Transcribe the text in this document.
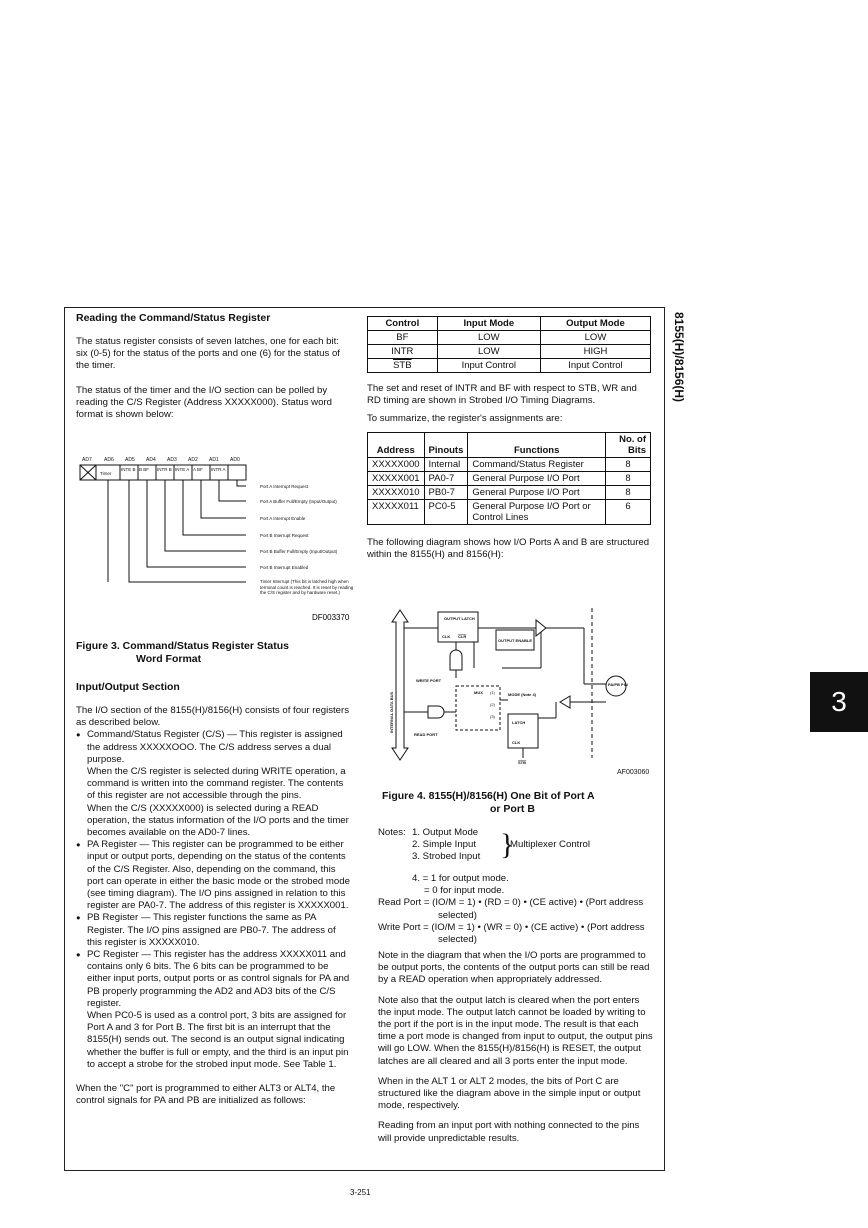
8155(H)/8156(H)
3
Reading the Command/Status Register

The status register consists of seven latches, one for each bit: six (0-5) for the status of the ports and one (6) for the status of the timer.

The status of the timer and the I/O section can be polled by reading the C/S Register (Address XXXXX000). Status word format is shown below:

AD7 AD6 AD5 AD4 AD3 AD2 AD1 AD0
Timer
INTE B B BF INTR B INTE A A BF INTR A
Port A Interrupt Request
Port A Buffer Full/Empty (Input/Output)
Port A Interrupt Enable
Port B Interrupt Request
Port B Buffer Full/Empty (Input/Output)
Port B Interrupt Enabled
Timer Interrupt (This bit is latched high when terminal count is reached. It is reset by reading the C/S register and by hardware reset.)
DF003370
Figure 3. Command/Status Register Status
Word Format
Input/Output Section

The I/O section of the 8155(H)/8156(H) consists of four registers as described below.

● Command/Status Register (C/S) — This register is assigned the address XXXXXOOO. The C/S address serves a dual purpose.
When the C/S register is selected during WRITE operation, a command is written into the command register. The contents of this register are not accessible through the pins.
When the C/S (XXXXX000) is selected during a READ operation, the status information of the I/O ports and the timer becomes available on the AD0-7 lines.
● PA Register — This register can be programmed to be either input or output ports, depending on the status of the contents of the C/S Register. Also, depending on the command, this port can operate in either the basic mode or the strobed mode (see timing diagram). The I/O pins assigned in relation to this register are PA0-7. The address of this register is XXXXX001.
● PB Register — This register functions the same as PA Register. The I/O pins assigned are PB0-7. The address of this register is XXXXX010.
● PC Register — This register has the address XXXXX011 and contains only 6 bits. The 6 bits can be programmed to be either input ports, output ports or as control signals for PA and PB properly programming the AD2 and AD3 bits of the C/S register.
When PC0-5 is used as a control port, 3 bits are assigned for Port A and 3 for Port B. The first bit is an interrupt that the 8155(H) sends out. The second is an output signal indicating whether the buffer is full or empty, and the third is an input pin to accept a strobe for the strobed input mode. See Table 1.

When the "C" port is programmed to either ALT3 or ALT4, the control signals for PA and PB are initialized as follows:

Control	Input Mode	Output Mode
BF	LOW	LOW
INTR	LOW	HIGH
$\overline{STB}$	Input Control	Input Control

The set and reset of INTR and BF with respect to STB, WR and RD timing are shown in Strobed I/O Timing Diagrams.

To summarize, the register's assignments are:

Address	Pinouts	Functions	No. of Bits
XXXXX000	Internal	Command/Status Register	8
XXXXX001	PA0-7	General Purpose I/O Port	8
XXXXX010	PB0-7	General Purpose I/O Port	8
XXXXX011	PC0-5	General Purpose I/O Port or Control Lines	6

The following diagram shows how I/O Ports A and B are structured within the 8155(H) and 8156(H):

INTERNAL DATA BUS
OUTPUT LATCH
CLK CLR
OUTPUT ENABLE
WRITE PORT
MUX (1)
(2)
(3)
MODE (Note 4)
PA/PB PIN
LATCH
CLK
READ PORT
STB
AF003060
Figure 4. 8155(H)/8156(H) One Bit of Port A
or Port B
Notes: 1. Output Mode
2. Simple Input
3. Strobed Input }
Multiplexer Control
4. = 1 for output mode.
= 0 for input mode.
Read Port = (IO/M = 1) • (RD = 0) • (CE active) • (Port address selected)
Write Port = (IO/M = 1) • (WR = 0) • (CE active) • (Port address selected)

Note in the diagram that when the I/O ports are programmed to be output ports, the contents of the output ports can still be read by a READ operation when appropriately addressed.

Note also that the output latch is cleared when the port enters the input mode. The output latch cannot be loaded by writing to the port if the port is in the input mode. The result is that each time a port mode is changed from input to output, the output pins will go LOW. When the 8155(H)/8156(H) is RESET, the output latches are all cleared and all 3 ports enter the input mode.

When in the ALT 1 or ALT 2 modes, the bits of Port C are structured like the diagram above in the simple input or output mode, respectively.

Reading from an input port with nothing connected to the pins will provide unpredictable results.

3-251
